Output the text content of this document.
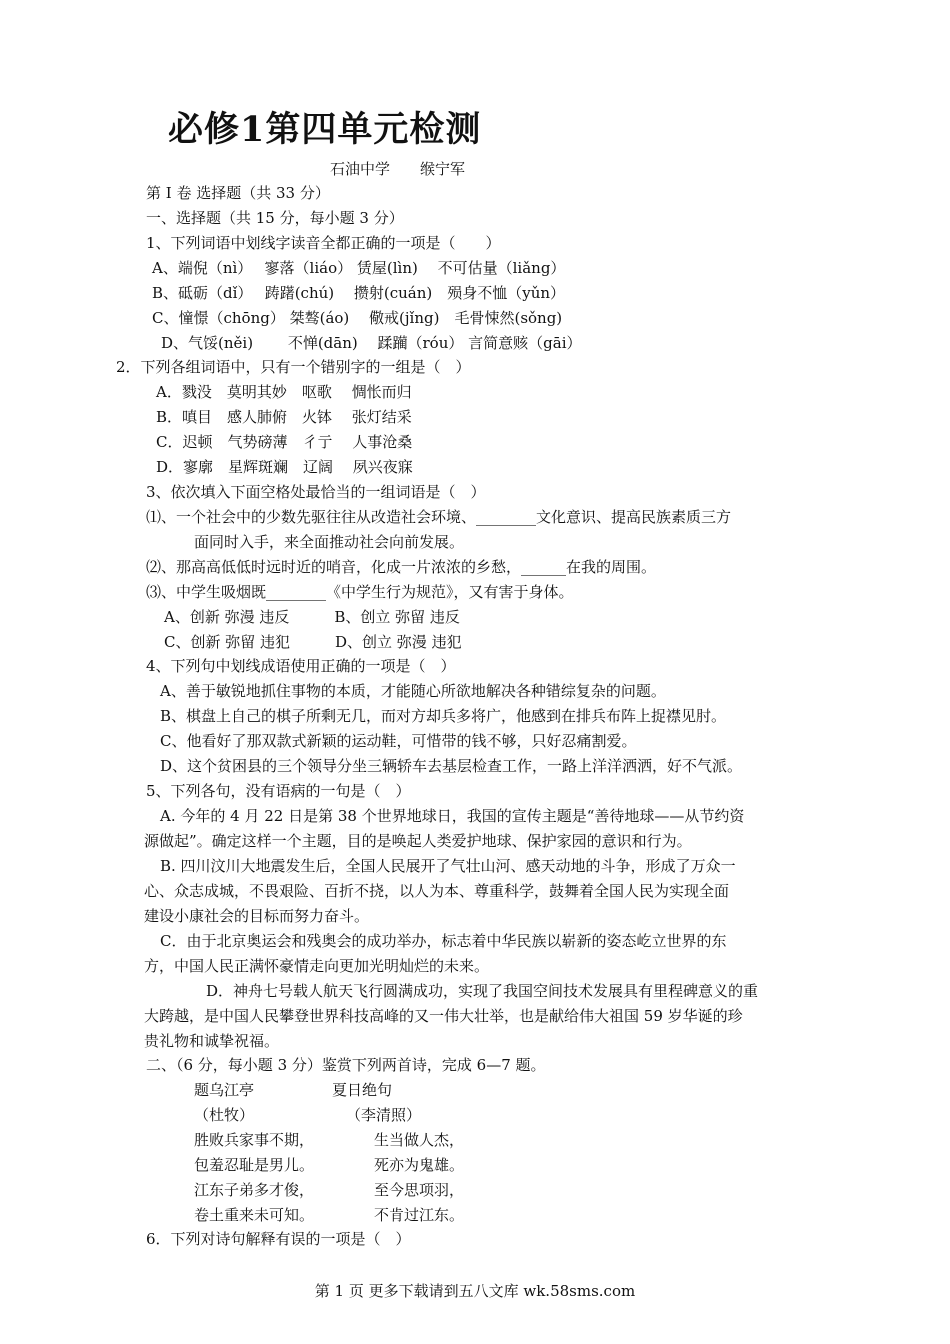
必修1第四单元检测
石油中学 缑宁军
第 Ⅰ 卷 选择题（共 33 分）
一、选择题（共 15 分，每小题 3 分）
1、下列词语中划线字读音全都正确的一项是（　　）
A、端倪（nì）　 寥落（liáo） 赁屋(lìn)　 不可估量（liǎng）
B、砥砺（dǐ）　 踌躇(chú)　 攒射(cuán)　殒身不恤（yǔn）
C、憧憬（chōng） 桀骜(áo)　 儆戒(jǐng)　毛骨悚然(sǒng)
D、气馁(něi)　　 不惮(dān)　 蹂躏（róu） 言简意赅（gāi）
2．下列各组词语中，只有一个错别字的一组是（　）
A．戮没　莫明其妙　呕歌　 惆怅而归
B．嗔目　感人肺俯　火钵　 张灯结采
C．迟顿　气势磅薄　彳亍　 人事沧桑
D．寥廓　星辉斑斓　辽阔　 夙兴夜寐
3、依次填入下面空格处最恰当的一组词语是（　）
⑴、一个社会中的少数先驱往往从改造社会环境、________文化意识、提高民族素质三方
面同时入手，来全面推动社会向前发展。
⑵、那高高低低时远时近的哨音，化成一片浓浓的乡愁，______在我的周围。
⑶、中学生吸烟既________《中学生行为规范》，又有害于身体。
A、创新 弥漫 违反　　　B、创立 弥留 违反
C、创新 弥留 违犯　　　D、创立 弥漫 违犯
4、下列句中划线成语使用正确的一项是（　）
A、善于敏锐地抓住事物的本质，才能随心所欲地解决各种错综复杂的问题。
B、棋盘上自己的棋子所剩无几，而对方却兵多将广，他感到在排兵布阵上捉襟见肘。
C、他看好了那双款式新颖的运动鞋，可惜带的钱不够，只好忍痛割爱。
D、这个贫困县的三个领导分坐三辆轿车去基层检查工作，一路上洋洋洒洒，好不气派。
5、下列各句，没有语病的一句是（　）
A. 今年的 4 月 22 日是第 38 个世界地球日，我国的宣传主题是“善待地球——从节约资
源做起”。确定这样一个主题，目的是唤起人类爱护地球、保护家园的意识和行为。
B. 四川汶川大地震发生后，全国人民展开了气壮山河、感天动地的斗争，形成了万众一
心、众志成城，不畏艰险、百折不挠，以人为本、尊重科学，鼓舞着全国人民为实现全面
建设小康社会的目标而努力奋斗。
C．由于北京奥运会和残奥会的成功举办，标志着中华民族以崭新的姿态屹立世界的东
方，中国人民正满怀豪情走向更加光明灿烂的未来。
D．神舟七号载人航天飞行圆满成功，实现了我国空间技术发展具有里程碑意义的重
大跨越，是中国人民攀登世界科技高峰的又一伟大壮举，也是献给伟大祖国 59 岁华诞的珍
贵礼物和诚挚祝福。
二、（6 分，每小题 3 分）鉴赏下列两首诗，完成 6—7 题。
题乌江亭	夏日绝句
（杜牧）	（李清照）
胜败兵家事不期，	生当做人杰，
包羞忍耻是男儿。	死亦为鬼雄。
江东子弟多才俊，	至今思项羽，
卷土重来未可知。	不肯过江东。
6．下列对诗句解释有误的一项是（　）
第 1 页 更多下载请到五八文库 wk.58sms.com
